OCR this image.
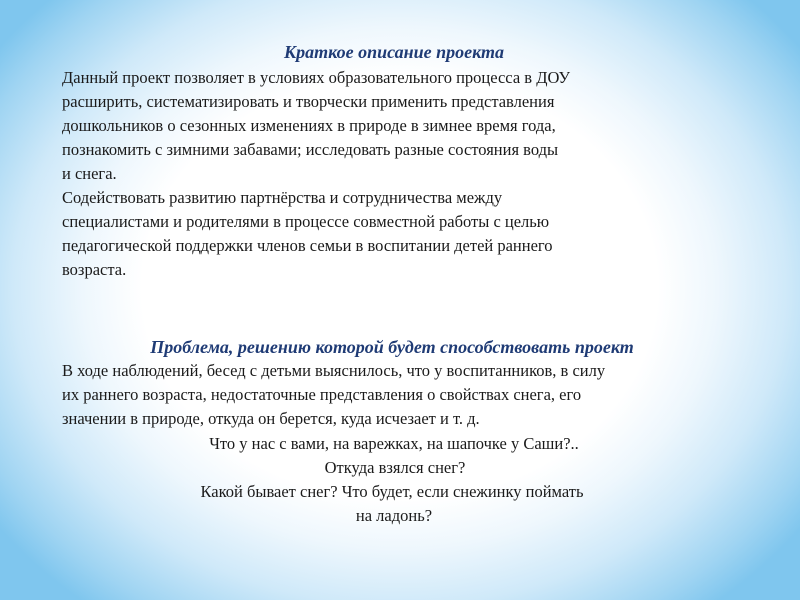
Краткое описание проекта

Данный проект позволяет в условиях образовательного процесса в ДОУ
расширить, систематизировать и творчески применить представления
дошкольников о сезонных изменениях в природе в зимнее время года,
познакомить с зимними забавами; исследовать разные состояния воды
и снега.
Содействовать развитию партнёрства и сотрудничества между
специалистами и родителями в процессе совместной работы с целью
педагогической поддержки членов семьи в воспитании детей раннего
возраста.

Проблема, решению которой будет способствовать проект

В ходе наблюдений, бесед с детьми выяснилось, что у воспитанников, в силу
их раннего возраста, недостаточные представления о свойствах снега, его
значении в природе, откуда он берется, куда исчезает и т. д.

Что у нас с вами, на варежках, на шапочке у Саши?..

Откуда взялся снег?

Какой бывает снег? Что будет, если снежинку поймать

на ладонь?
